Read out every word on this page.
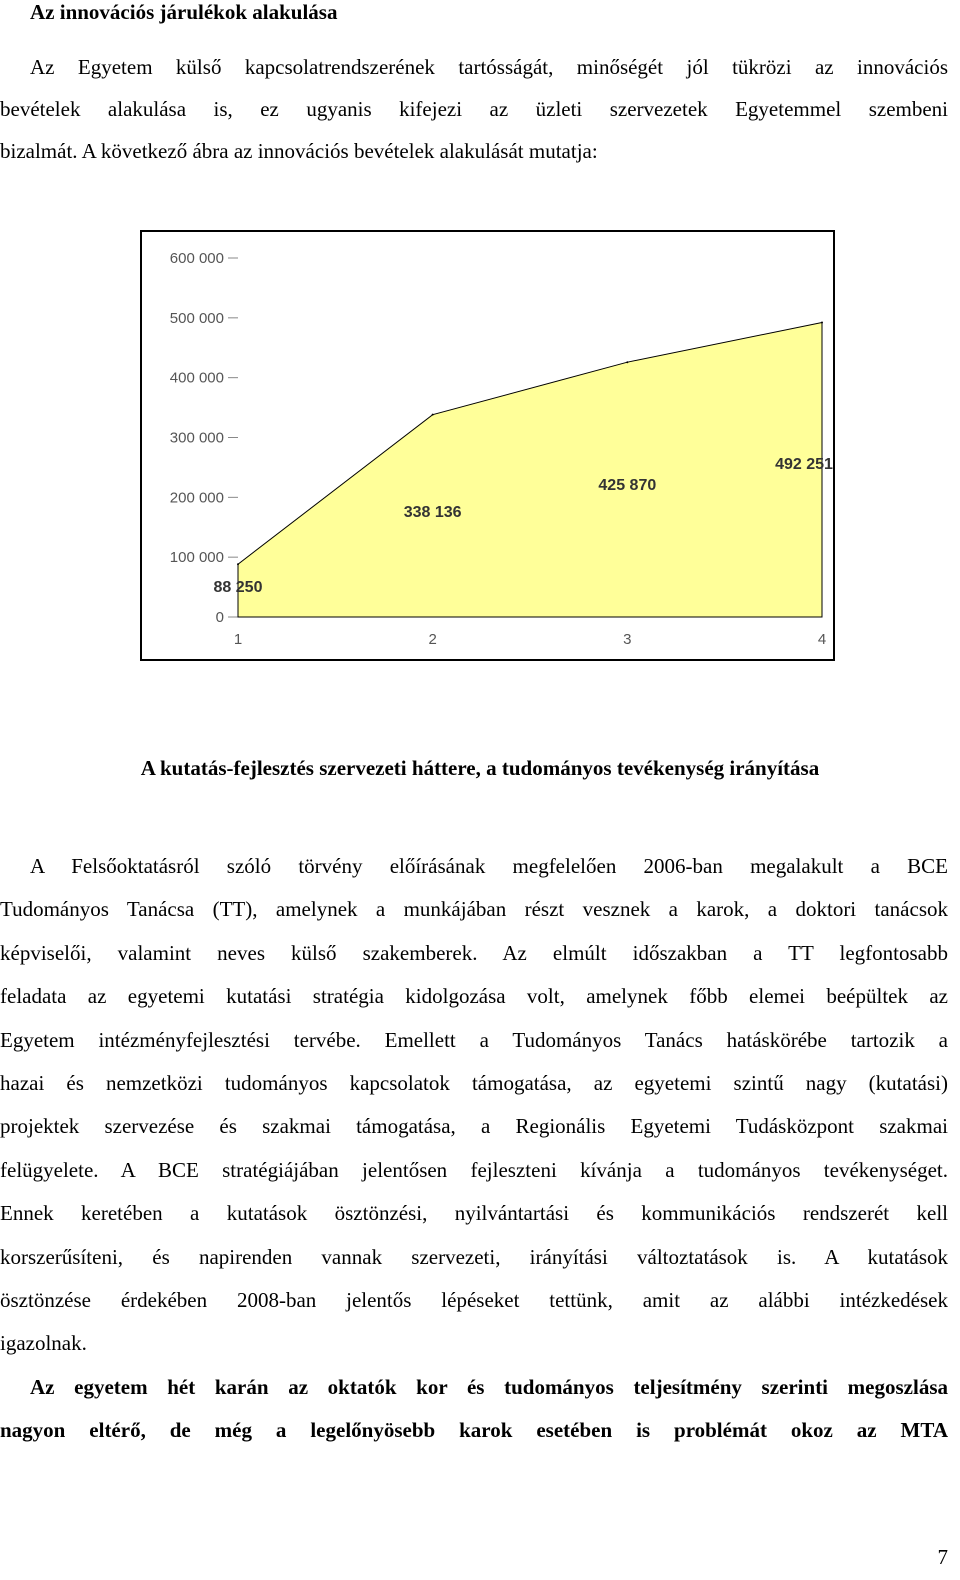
Az innovációs járulékok alakulása
Az Egyetem külső kapcsolatrendszerének tartósságát, minőségét jól tükrözi az innovációs
bevételek alakulása is, ez ugyanis kifejezi az üzleti szervezetek Egyetemmel szembeni
bizalmát. A következő ábra az innovációs bevételek alakulását mutatja:
0
100 000
200 000
300 000
400 000
500 000
600 000
88 250
338 136
425 870
492 251
1	2	3	4
A kutatás-fejlesztés szervezeti háttere, a tudományos tevékenység irányítása
A Felsőoktatásról szóló törvény előírásának megfelelően 2006-ban megalakult a BCE
Tudományos Tanácsa (TT), amelynek a munkájában részt vesznek a karok, a doktori tanácsok
képviselői, valamint neves külső szakemberek. Az elmúlt időszakban a TT legfontosabb
feladata az egyetemi kutatási stratégia kidolgozása volt, amelynek főbb elemei beépültek az
Egyetem intézményfejlesztési tervébe. Emellett a Tudományos Tanács hatáskörébe tartozik a
hazai és nemzetközi tudományos kapcsolatok támogatása, az egyetemi szintű nagy (kutatási)
projektek szervezése és szakmai támogatása, a Regionális Egyetemi Tudásközpont szakmai
felügyelete. A BCE stratégiájában jelentősen fejleszteni kívánja a tudományos tevékenységet.
Ennek keretében a kutatások ösztönzési, nyilvántartási és kommunikációs rendszerét kell
korszerűsíteni, és napirenden vannak szervezeti, irányítási változtatások is. A kutatások
ösztönzése érdekében 2008-ban jelentős lépéseket tettünk, amit az alábbi intézkedések
igazolnak.
Az egyetem hét karán az oktatók kor és tudományos teljesítmény szerinti megoszlása
nagyon eltérő, de még a legelőnyösebb karok esetében is problémát okoz az MTA
7
